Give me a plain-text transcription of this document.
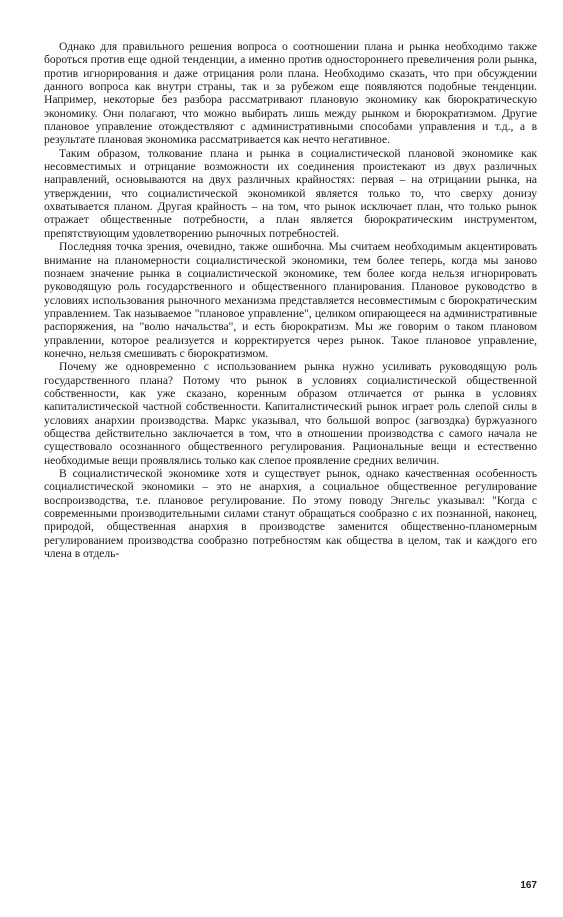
Однако для правильного решения вопроса о соотношении плана и рынка необходимо также бороться против еще одной тенденции, а именно против одностороннего превеличения роли рынка, против игнорирования и даже отрицания роли плана. Необходимо сказать, что при обсуждении данного вопроса как внутри страны, так и за рубежом еще появляются подобные тенденции. Например, некоторые без разбора рассматривают плановую экономику как бюрократическую экономику. Они полагают, что можно выбирать лишь между рынком и бюрократизмом. Другие плановое управление отождествляют с административными способами управления и т.д., а в результате плановая экономика рассматривается как нечто негативное.

Таким образом, толкование плана и рынка в социалистической плановой экономике как несовместимых и отрицание возможности их соединения проистекают из двух различных направлений, основываются на двух различных крайностях: первая – на отрицании рынка, на утверждении, что социалистической экономикой является только то, что сверху донизу охватывается планом. Другая крайность – на том, что рынок исключает план, что только рынок отражает общественные потребности, а план является бюрократическим инструментом, препятствующим удовлетворению рыночных потребностей.

Последняя точка зрения, очевидно, также ошибочна. Мы считаем необходимым акцентировать внимание на планомерности социалистической экономики, тем более теперь, когда мы заново познаем значение рынка в социалистической экономике, тем более когда нельзя игнорировать руководящую роль государственного и общественного планирования. Плановое руководство в условиях использования рыночного механизма представляется несовместимым с бюрократическим управлением. Так называемое "плановое управление", целиком опирающееся на административные распоряжения, на "волю начальства", и есть бюрократизм. Мы же говорим о таком плановом управлении, которое реализуется и корректируется через рынок. Такое плановое управление, конечно, нельзя смешивать с бюрократизмом.

Почему же одновременно с использованием рынка нужно усиливать руководящую роль государственного плана? Потому что рынок в условиях социалистической общественной собственности, как уже сказано, коренным образом отличается от рынка в условиях капиталистической частной собственности. Капиталистический рынок играет роль слепой силы в условиях анархии производства. Маркс указывал, что большой вопрос (загвоздка) буржуазного общества действительно заключается в том, что в отношении производства с самого начала не существовало осознанного общественного регулирования. Рациональные вещи и естественно необходимые вещи проявлялись только как слепое проявление средних величин.

В социалистической экономике хотя и существует рынок, однако качественная особенность социалистической экономики – это не анархия, а социальное общественное регулирование воспроизводства, т.е. плановое регулирование. По этому поводу Энгельс указывал: "Когда с современными производительными силами станут обращаться сообразно с их познанной, наконец, природой, общественная анархия в производстве заменится общественно-планомерным регулированием производства сообразно потребностям как общества в целом, так и каждого его члена в отдель-

167
